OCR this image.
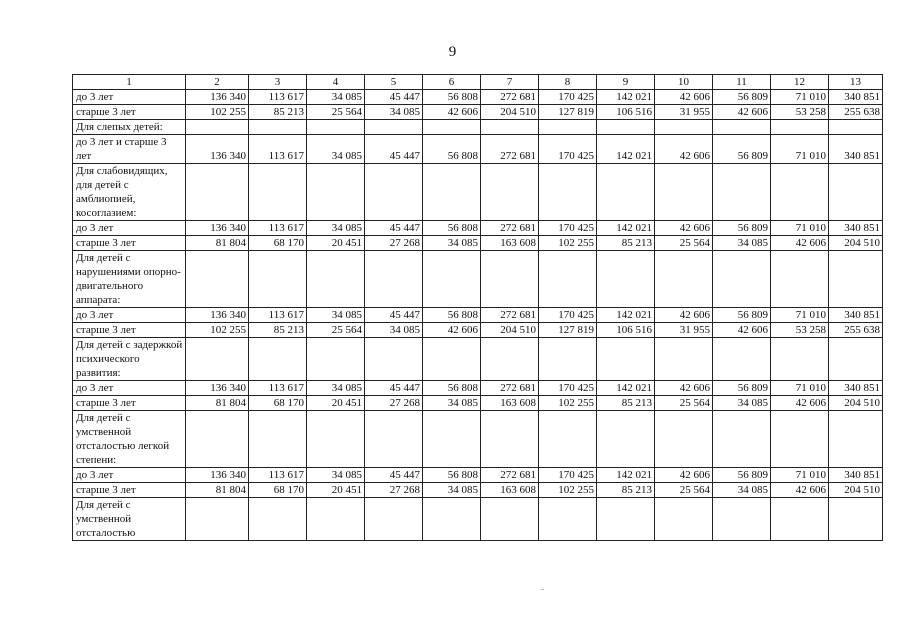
9
1	2	3	4	5	6	7	8	9	10	11	12	13
до 3 лет	136 340	113 617	34 085	45 447	56 808	272 681	170 425	142 021	42 606	56 809	71 010	340 851
старше 3 лет	102 255	85 213	25 564	34 085	42 606	204 510	127 819	106 516	31 955	42 606	53 258	255 638
Для слепых детей:												
до 3 лет и старше 3 лет	136 340	113 617	34 085	45 447	56 808	272 681	170 425	142 021	42 606	56 809	71 010	340 851
Для слабовидящих, для детей с амблиопией, косоглазием:												
до 3 лет	136 340	113 617	34 085	45 447	56 808	272 681	170 425	142 021	42 606	56 809	71 010	340 851
старше 3 лет	81 804	68 170	20 451	27 268	34 085	163 608	102 255	85 213	25 564	34 085	42 606	204 510
Для детей с нарушениями опорно-двигательного аппарата:												
до 3 лет	136 340	113 617	34 085	45 447	56 808	272 681	170 425	142 021	42 606	56 809	71 010	340 851
старше 3 лет	102 255	85 213	25 564	34 085	42 606	204 510	127 819	106 516	31 955	42 606	53 258	255 638
Для детей с задержкой психического развития:												
до 3 лет	136 340	113 617	34 085	45 447	56 808	272 681	170 425	142 021	42 606	56 809	71 010	340 851
старше 3 лет	81 804	68 170	20 451	27 268	34 085	163 608	102 255	85 213	25 564	34 085	42 606	204 510
Для детей с умственной отсталостью легкой степени:												
до 3 лет	136 340	113 617	34 085	45 447	56 808	272 681	170 425	142 021	42 606	56 809	71 010	340 851
старше 3 лет	81 804	68 170	20 451	27 268	34 085	163 608	102 255	85 213	25 564	34 085	42 606	204 510
Для детей с умственной отсталостью												
